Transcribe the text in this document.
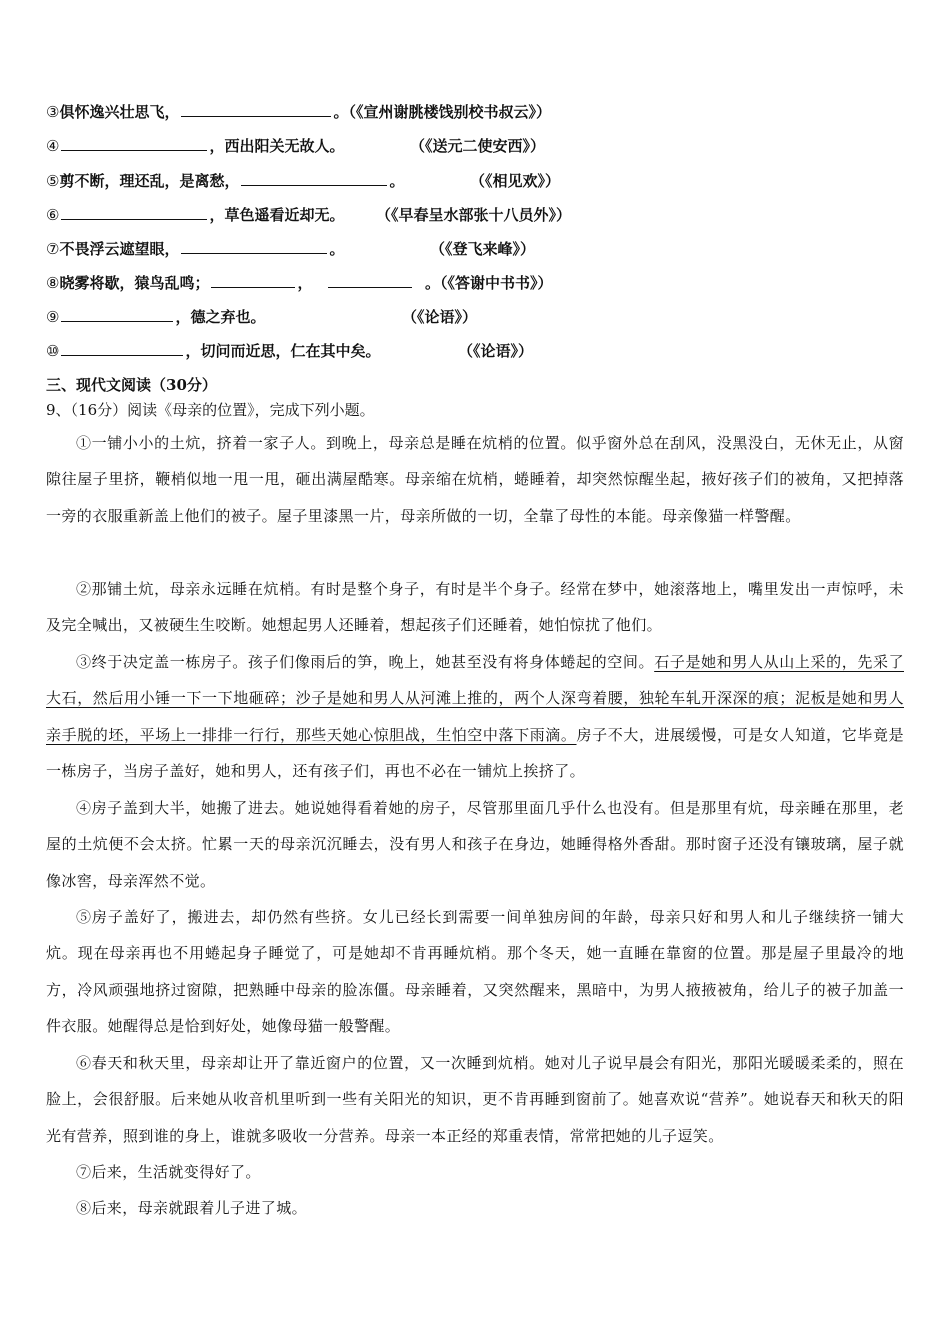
③俱怀逸兴壮思飞，	。（《宣州谢朓楼饯别校书叔云》）
④	，西出阳关无故人。	（《送元二使安西》）
⑤剪不断，理还乱，是离愁，	。	（《相见欢》）
⑥	，草色遥看近却无。 （《早春呈水部张十八员外》）
⑦不畏浮云遮望眼，	。	（《登飞来峰》）
⑧晓雾将歇，猿鸟乱鸣；	，	。（《答谢中书书》）
⑨	，德之弃也。	（《论语》）
⑩	，切问而近思，仁在其中矣。	（《论语》）
三、现代文阅读（30分）
9、（16分）阅读《母亲的位置》，完成下列小题。
①一铺小小的土炕，挤着一家子人。到晚上，母亲总是睡在炕梢的位置。似乎窗外总在刮风，没黑没白，无休无止，从窗隙往屋子里挤，鞭梢似地一甩一甩，砸出满屋酷寒。母亲缩在炕梢，蜷睡着，却突然惊醒坐起，掖好孩子们的被角，又把掉落一旁的衣服重新盖上他们的被子。屋子里漆黑一片，母亲所做的一切，全靠了母性的本能。母亲像猫一样警醒。
②那铺土炕，母亲永远睡在炕梢。有时是整个身子，有时是半个身子。经常在梦中，她滚落地上，嘴里发出一声惊呼，未及完全喊出，又被硬生生咬断。她想起男人还睡着，想起孩子们还睡着，她怕惊扰了他们。
③终于决定盖一栋房子。孩子们像雨后的笋，晚上，她甚至没有将身体蜷起的空间。石子是她和男人从山上采的，先采了大石，然后用小锤一下一下地砸碎；沙子是她和男人从河滩上推的，两个人深弯着腰，独轮车轧开深深的痕；泥板是她和男人亲手脱的坯，平场上一排排一行行，那些天她心惊胆战，生怕空中落下雨滴。房子不大，进展缓慢，可是女人知道，它毕竟是一栋房子，当房子盖好，她和男人，还有孩子们，再也不必在一铺炕上挨挤了。
④房子盖到大半，她搬了进去。她说她得看着她的房子，尽管那里面几乎什么也没有。但是那里有炕，母亲睡在那里，老屋的土炕便不会太挤。忙累一天的母亲沉沉睡去，没有男人和孩子在身边，她睡得格外香甜。那时窗子还没有镶玻璃，屋子就像冰窖，母亲浑然不觉。
⑤房子盖好了，搬进去，却仍然有些挤。女儿已经长到需要一间单独房间的年龄，母亲只好和男人和儿子继续挤一铺大炕。现在母亲再也不用蜷起身子睡觉了，可是她却不肯再睡炕梢。那个冬天，她一直睡在靠窗的位置。那是屋子里最冷的地方，冷风顽强地挤过窗隙，把熟睡中母亲的脸冻僵。母亲睡着，又突然醒来，黑暗中，为男人掖掖被角，给儿子的被子加盖一件衣服。她醒得总是恰到好处，她像母猫一般警醒。
⑥春天和秋天里，母亲却让开了靠近窗户的位置，又一次睡到炕梢。她对儿子说早晨会有阳光，那阳光暖暖柔柔的，照在脸上，会很舒服。后来她从收音机里听到一些有关阳光的知识，更不肯再睡到窗前了。她喜欢说“营养”。她说春天和秋天的阳光有营养，照到谁的身上，谁就多吸收一分营养。母亲一本正经的郑重表情，常常把她的儿子逗笑。
⑦后来，生活就变得好了。
⑧后来，母亲就跟着儿子进了城。
